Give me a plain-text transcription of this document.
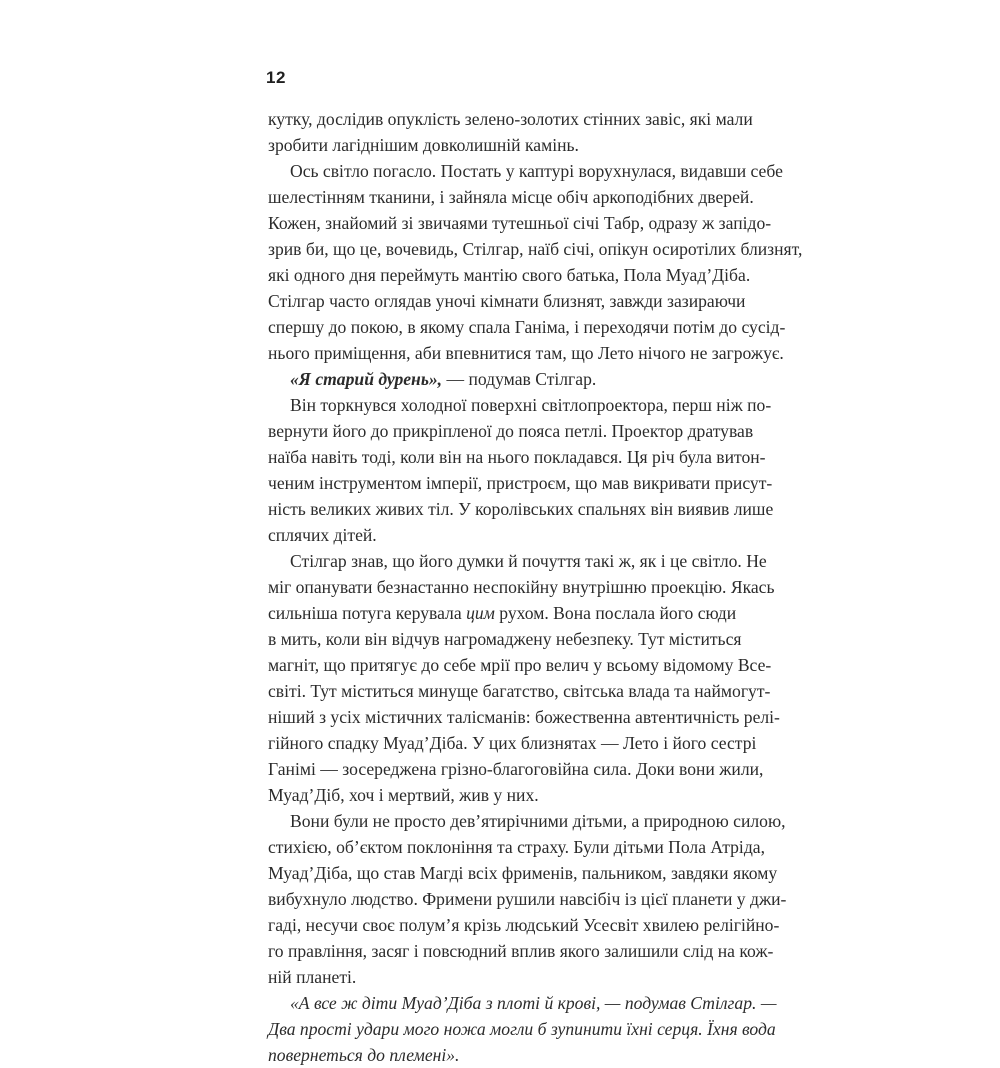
12

кутку, дослідив опуклість зелено-золотих стінних завіс, які мали
зробити лагіднішим довколишній камінь.

Ось світло погасло. Постать у каптурі ворухнулася, видавши себе
шелестінням тканини, і зайняла місце обіч аркоподібних дверей.
Кожен, знайомий зі звичаями тутешньої січі Табр, одразу ж запідо-
зрив би, що це, вочевидь, Стілгар, наїб січі, опікун осиротілих близнят,
які одного дня переймуть мантію свого батька, Пола Муад’Діба.
Стілгар часто оглядав уночі кімнати близнят, завжди зазираючи
спершу до покою, в якому спала Ганіма, і переходячи потім до сусід-
нього приміщення, аби впевнитися там, що Лето нічого не загрожує.

«Я старий дурень», — подумав Стілгар.

Він торкнувся холодної поверхні світлопроектора, перш ніж по-
вернути його до прикріпленої до пояса петлі. Проектор дратував
наїба навіть тоді, коли він на нього покладався. Ця річ була витон-
ченим інструментом імперії, пристроєм, що мав викривати присут-
ність великих живих тіл. У королівських спальнях він виявив лише
сплячих дітей.

Стілгар знав, що його думки й почуття такі ж, як і це світло. Не
міг опанувати безнастанно неспокійну внутрішню проекцію. Якась
сильніша потуга керувала цим рухом. Вона послала його сюди
в мить, коли він відчув нагромаджену небезпеку. Тут міститься
магніт, що притягує до себе мрії про велич у всьому відомому Все-
світі. Тут міститься минуще багатство, світська влада та наймогут-
ніший з усіх містичних талісманів: божественна автентичність релі-
гійного спадку Муад’Діба. У цих близнятах — Лето і його сестрі
Ганімі — зосереджена грізно-благоговійна сила. Доки вони жили,
Муад’Діб, хоч і мертвий, жив у них.

Вони були не просто дев’ятирічними дітьми, а природною силою,
стихією, об’єктом поклоніння та страху. Були дітьми Пола Атріда,
Муад’Діба, що став Магді всіх фрименів, пальником, завдяки якому
вибухнуло людство. Фримени рушили навсібіч із цієї планети у джи-
гаді, несучи своє полум’я крізь людський Усесвіт хвилею релігійно-
го правління, засяг і повсюдний вплив якого залишили слід на кож-
ній планеті.

«А все ж діти Муад’Діба з плоті й крові, — подумав Стілгар. —
Два прості удари мого ножа могли б зупинити їхні серця. Їхня вода
повернеться до племені».
